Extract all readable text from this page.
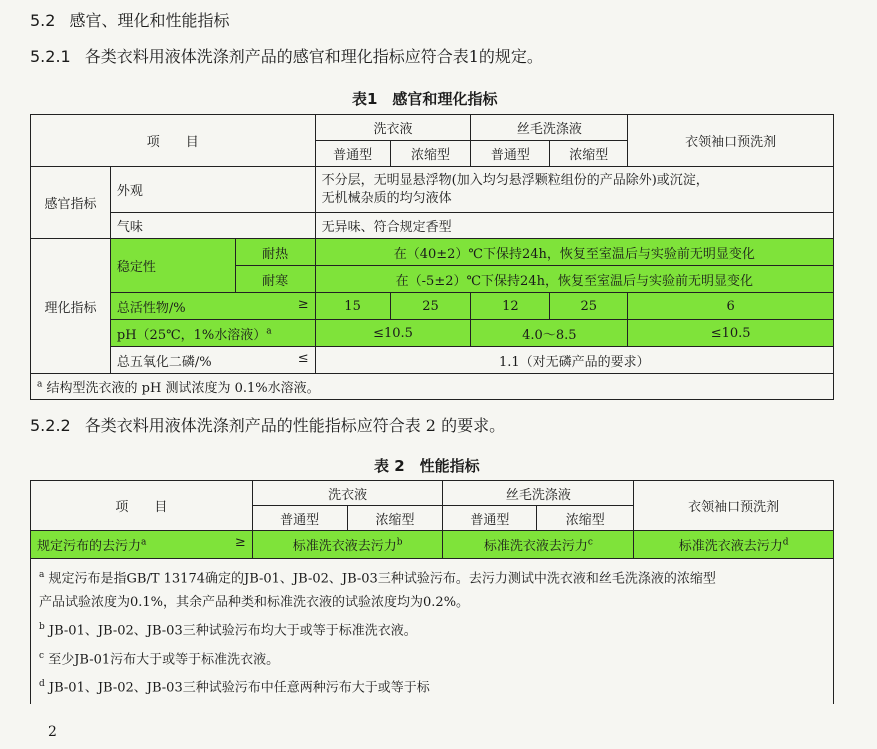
5.2 感官、理化和性能指标
5.2.1 各类衣料用液体洗涤剂产品的感官和理化指标应符合表1的规定。
表1　感官和理化指标
项　　目			洗衣液		丝毛洗涤液		衣领袖口预洗剂
			普通型	浓缩型	普通型	浓缩型	
感官指标	外观		不分层，无明显悬浮物(加入均匀悬浮颗粒组份的产品除外)或沉淀，
无机械杂质的均匀液体				

	气味		无异味、符合规定香型				
理化指标	稳定性	耐热	在（40±2）℃下保持24h，恢复至室温后与实验前无明显变化				
		耐寒	在（-5±2）℃下保持24h，恢复至室温后与实验前无明显变化				
	总活性物/% ≥		15	25	12	25	6
	pH（25℃，1%水溶液）$^a$		≤10.5		4.0～8.5		≤10.5
	总五氧化二磷/% ≤		1.1（对无磷产品的要求）				
$^a$ 结构型洗衣液的 pH 测试浓度为 0.1%水溶液。							
5.2.2 各类衣料用液体洗涤剂产品的性能指标应符合表 2 的要求。
表 2　性能指标
项　　目	洗衣液		丝毛洗涤液		衣领袖口预洗剂
	普通型	浓缩型	普通型	浓缩型	
规定污布的去污力$^a$ ≥	标准洗衣液去污力$^b$		标准洗衣液去污力$^c$		标准洗衣液去污力$^d$

$^a$ 规定污布是指GB/T 13174确定的JB-01、JB-02、JB-03三种试验污布。去污力测试中洗衣液和丝毛洗涤液的浓缩型
产品试验浓度为0.1%，其余产品种类和标准洗衣液的试验浓度均为0.2%。
$^b$ JB-01、JB-02、JB-03三种试验污布均大于或等于标准洗衣液。
$^c$ 至少JB-01污布大于或等于标准洗衣液。
$^d$ JB-01、JB-02、JB-03三种试验污布中任意两种污布大于或等于标					
2
